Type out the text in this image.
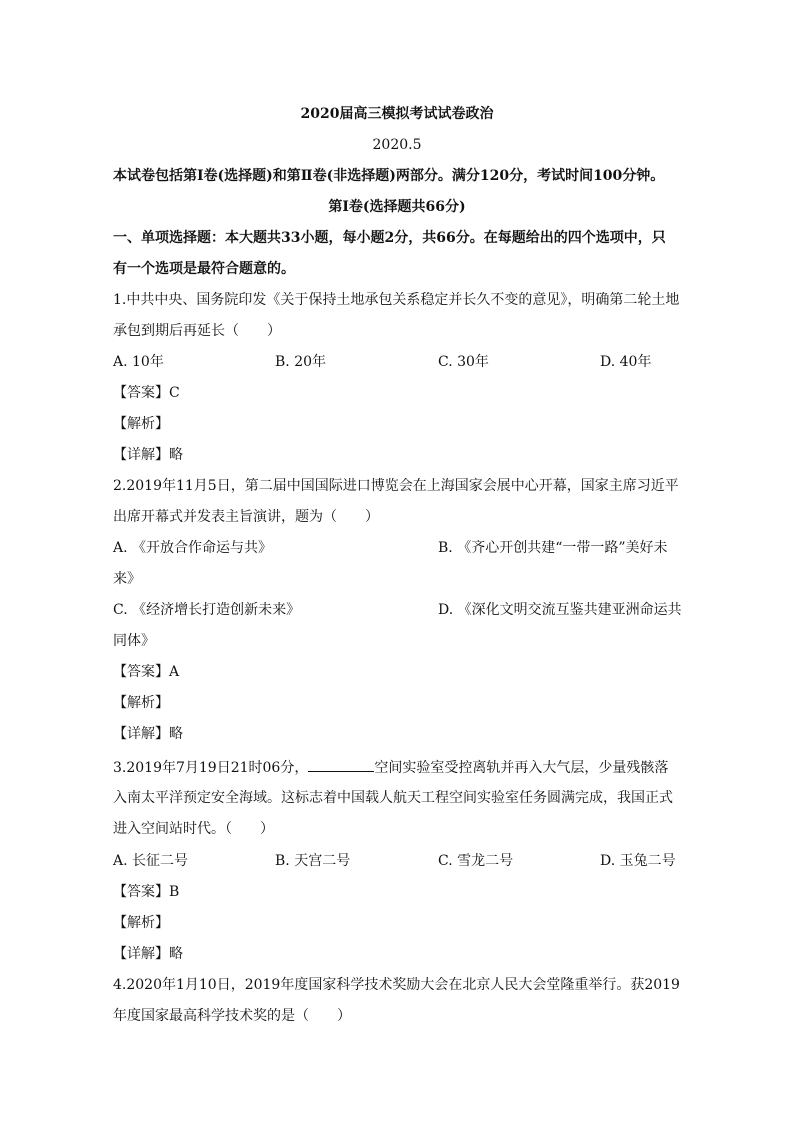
2020届高三模拟考试试卷政治
2020.5
本试卷包括第Ⅰ卷(选择题)和第Ⅱ卷(非选择题)两部分。满分120分，考试时间100分钟。
第Ⅰ卷(选择题共66分)
一、单项选择题：本大题共33小题，每小题2分，共66分。在每题给出的四个选项中，只
有一个选项是最符合题意的。
1.中共中央、国务院印发《关于保持土地承包关系稳定并长久不变的意见》，明确第二轮土地
承包到期后再延长（　　）
A. 10年	B. 20年	C. 30年	D. 40年
【答案】C
【解析】
【详解】略
2.2019年11月5日，第二届中国国际进口博览会在上海国家会展中心开幕，国家主席习近平
出席开幕式并发表主旨演讲，题为（　　）
A. 《开放合作命运与共》	B. 《齐心开创共建“一带一路”美好未
来》
C. 《经济增长打造创新未来》	D. 《深化文明交流互鉴共建亚洲命运共
同体》
【答案】A
【解析】
【详解】略
3.2019年7月19日21时06分，	空间实验室受控离轨并再入大气层，少量残骸落
入南太平洋预定安全海域。这标志着中国载人航天工程空间实验室任务圆满完成，我国正式
进入空间站时代。（　　）
A. 长征二号	B. 天宫二号	C. 雪龙二号	D. 玉兔二号
【答案】B
【解析】
【详解】略
4.2020年1月10日，2019年度国家科学技术奖励大会在北京人民大会堂隆重举行。获2019
年度国家最高科学技术奖的是（　　）
